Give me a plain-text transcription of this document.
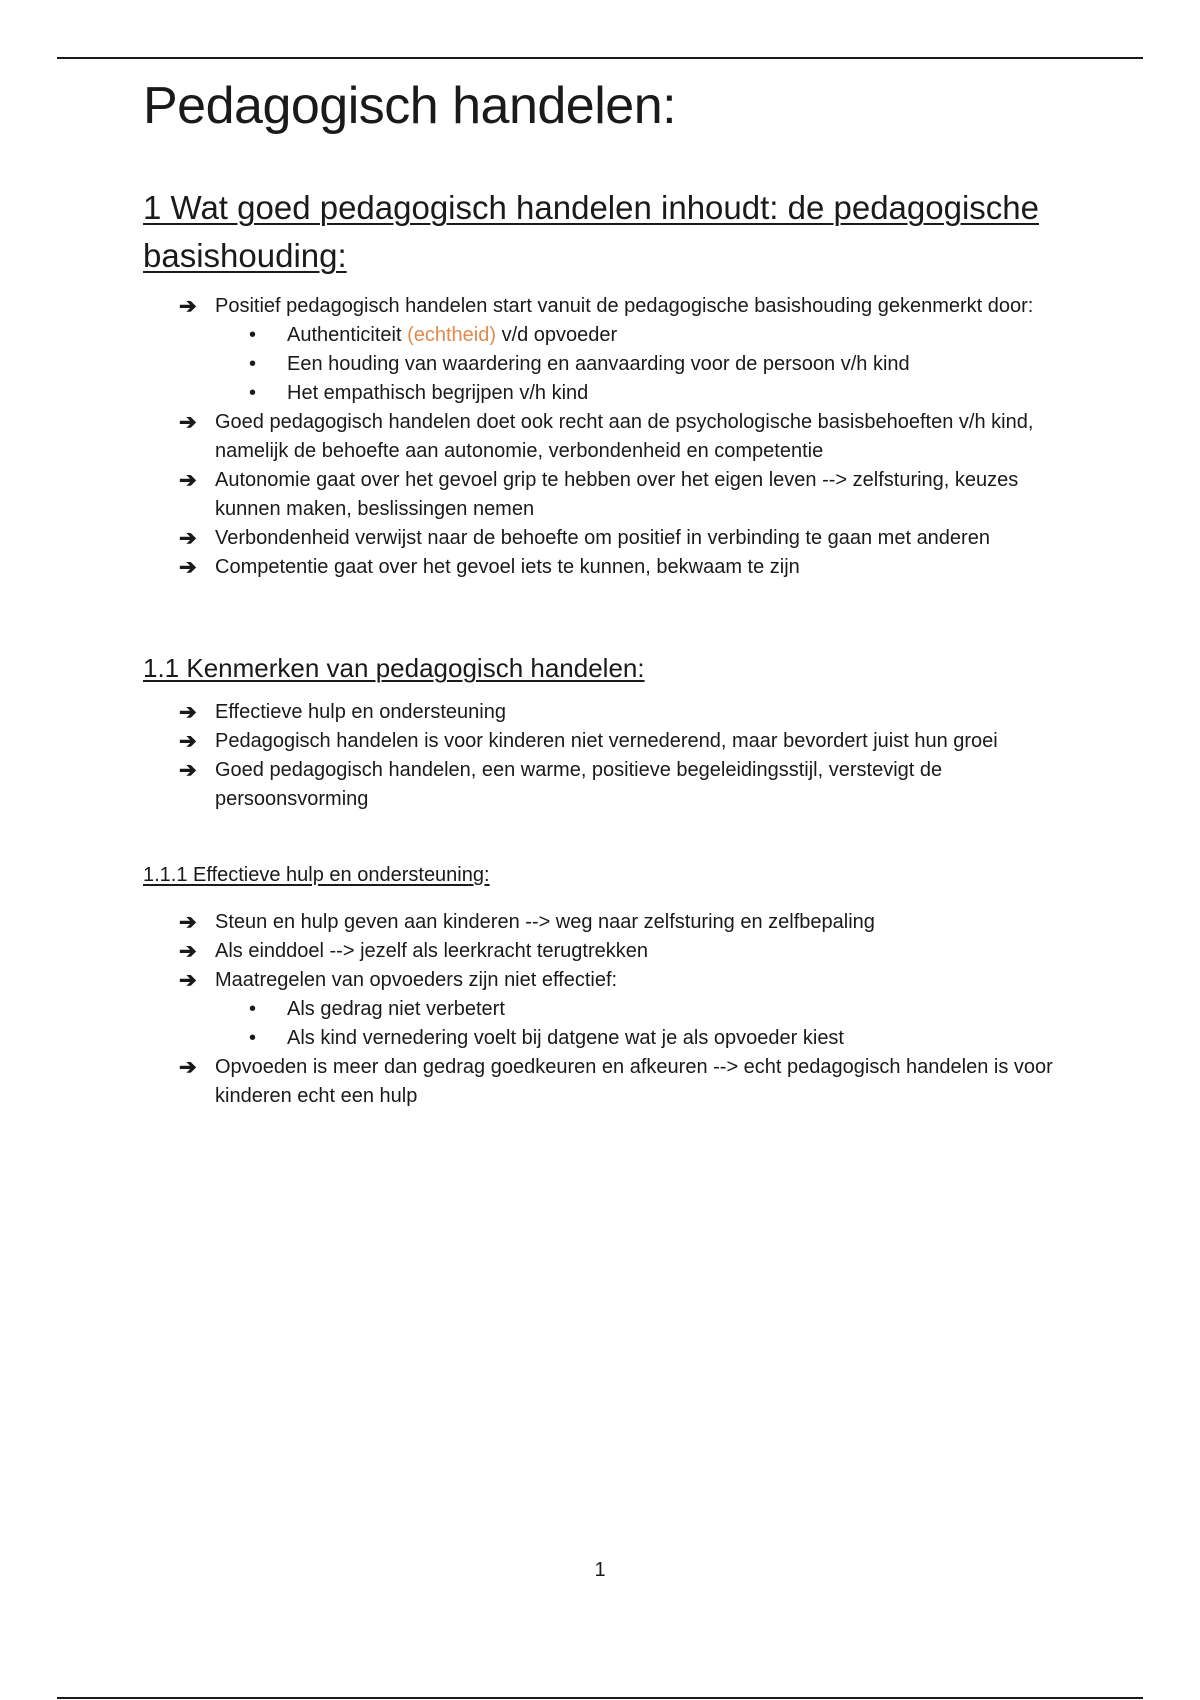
Pedagogisch handelen:
1 Wat goed pedagogisch handelen inhoudt: de pedagogische basishouding:
➔ Positief pedagogisch handelen start vanuit de pedagogische basishouding gekenmerkt door:
• Authenticiteit (echtheid) v/d opvoeder
• Een houding van waardering en aanvaarding voor de persoon v/h kind
• Het empathisch begrijpen v/h kind
➔ Goed pedagogisch handelen doet ook recht aan de psychologische basisbehoeften v/h kind, namelijk de behoefte aan autonomie, verbondenheid en competentie
➔ Autonomie gaat over het gevoel grip te hebben over het eigen leven --> zelfsturing, keuzes kunnen maken, beslissingen nemen
➔ Verbondenheid verwijst naar de behoefte om positief in verbinding te gaan met anderen
➔ Competentie gaat over het gevoel iets te kunnen, bekwaam te zijn
1.1 Kenmerken van pedagogisch handelen:
➔ Effectieve hulp en ondersteuning
➔ Pedagogisch handelen is voor kinderen niet vernederend, maar bevordert juist hun groei
➔ Goed pedagogisch handelen, een warme, positieve begeleidingsstijl, verstevigt de persoonsvorming
1.1.1 Effectieve hulp en ondersteuning:
➔ Steun en hulp geven aan kinderen --> weg naar zelfsturing en zelfbepaling
➔ Als einddoel --> jezelf als leerkracht terugtrekken
➔ Maatregelen van opvoeders zijn niet effectief:
• Als gedrag niet verbetert
• Als kind vernedering voelt bij datgene wat je als opvoeder kiest
➔ Opvoeden is meer dan gedrag goedkeuren en afkeuren --> echt pedagogisch handelen is voor kinderen echt een hulp
1
